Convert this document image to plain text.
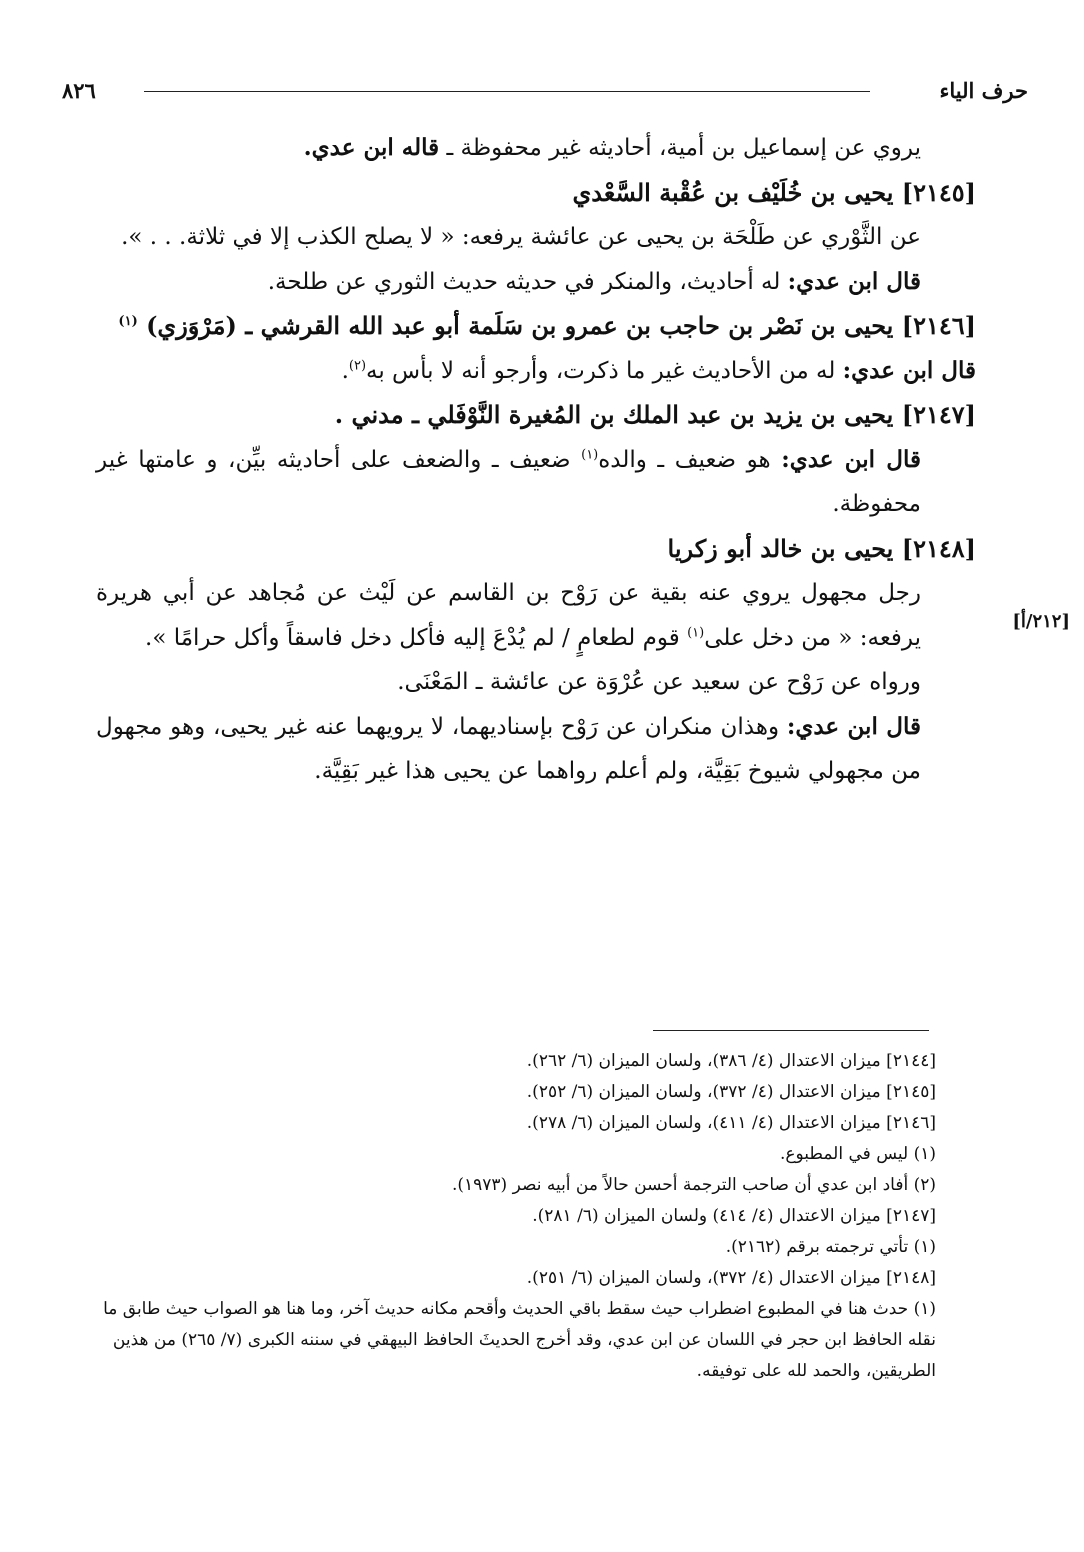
حرف الياء
٨٢٦
[٢١٢/أ]

يروي عن إسماعيل بن أمية، أحاديثه غير محفوظة ـ قاله ابن عدي.

[٢١٤٥] يحيى بن خُلَيْف بن عُقْبة السَّعْدي

عن الثَّوْري عن طَلْحَة بن يحيى عن عائشة يرفعه: « لا يصلح الكذب إلا في ثلاثة. . . ».

قال ابن عدي: له أحاديث، والمنكر في حديثه حديث الثوري عن طلحة.

[٢١٤٦] يحيى بن نَصْر بن حاجب بن عمرو بن سَلَمة أبو عبد الله القرشي ـ (مَرْوَزي) $^{(١)}$

قال ابن عدي: له من الأحاديث غير ما ذكرت، وأرجو أنه لا بأس به$^{(٢)}$.

[٢١٤٧] يحيى بن يزيد بن عبد الملك بن المُغيرة النَّوْفَلي ـ مدني .

قال ابن عدي: هو ضعيف ـ والده$^{(١)}$ ضعيف ـ والضعف على أحاديثه بيِّن، و عامتها غير محفوظة.

[٢١٤٨] يحيى بن خالد أبو زكريا

رجل مجهول يروي عنه بقية عن رَوْح بن القاسم عن لَيْث عن مُجاهد عن أبي هريرة يرفعه: « من دخل على$^{(١)}$ قوم لطعامٍ / لم يُدْعَ إليه فأكل دخل فاسقاً وأكل حرامًا ».

ورواه عن رَوْح عن سعيد عن عُرْوَة عن عائشة ـ المَعْنَى.

قال ابن عدي: وهذان منكران عن رَوْح بإسناديهما، لا يرويهما عنه غير يحيى، وهو مجهول من مجهولي شيوخ بَقِيَّة، ولم أعلم رواهما عن يحيى هذا غير بَقِيَّة.

[٢١٤٤] ميزان الاعتدال (٤/ ٣٨٦)، ولسان الميزان (٦/ ٢٦٢).

[٢١٤٥] ميزان الاعتدال (٤/ ٣٧٢)، ولسان الميزان (٦/ ٢٥٢).

[٢١٤٦] ميزان الاعتدال (٤/ ٤١١)، ولسان الميزان (٦/ ٢٧٨).

(١) ليس في المطبوع.

(٢) أفاد ابن عدي أن صاحب الترجمة أحسن حالاً من أبيه نصر (١٩٧٣).

[٢١٤٧] ميزان الاعتدال (٤/ ٤١٤) ولسان الميزان (٦/ ٢٨١).

(١) تأتي ترجمته برقم (٢١٦٢).

[٢١٤٨] ميزان الاعتدال (٤/ ٣٧٢)، ولسان الميزان (٦/ ٢٥١).

(١) حدث هنا في المطبوع اضطراب حيث سقط باقي الحديث وأقحم مكانه حديث آخر، وما هنا هو الصواب حيث طابق ما نقله الحافظ ابن حجر في اللسان عن ابن عدي، وقد أخرج الحديثَ الحافظ البيهقي في سننه الكبرى (٧/ ٢٦٥) من هذين الطريقين، والحمد لله على توفيقه.
